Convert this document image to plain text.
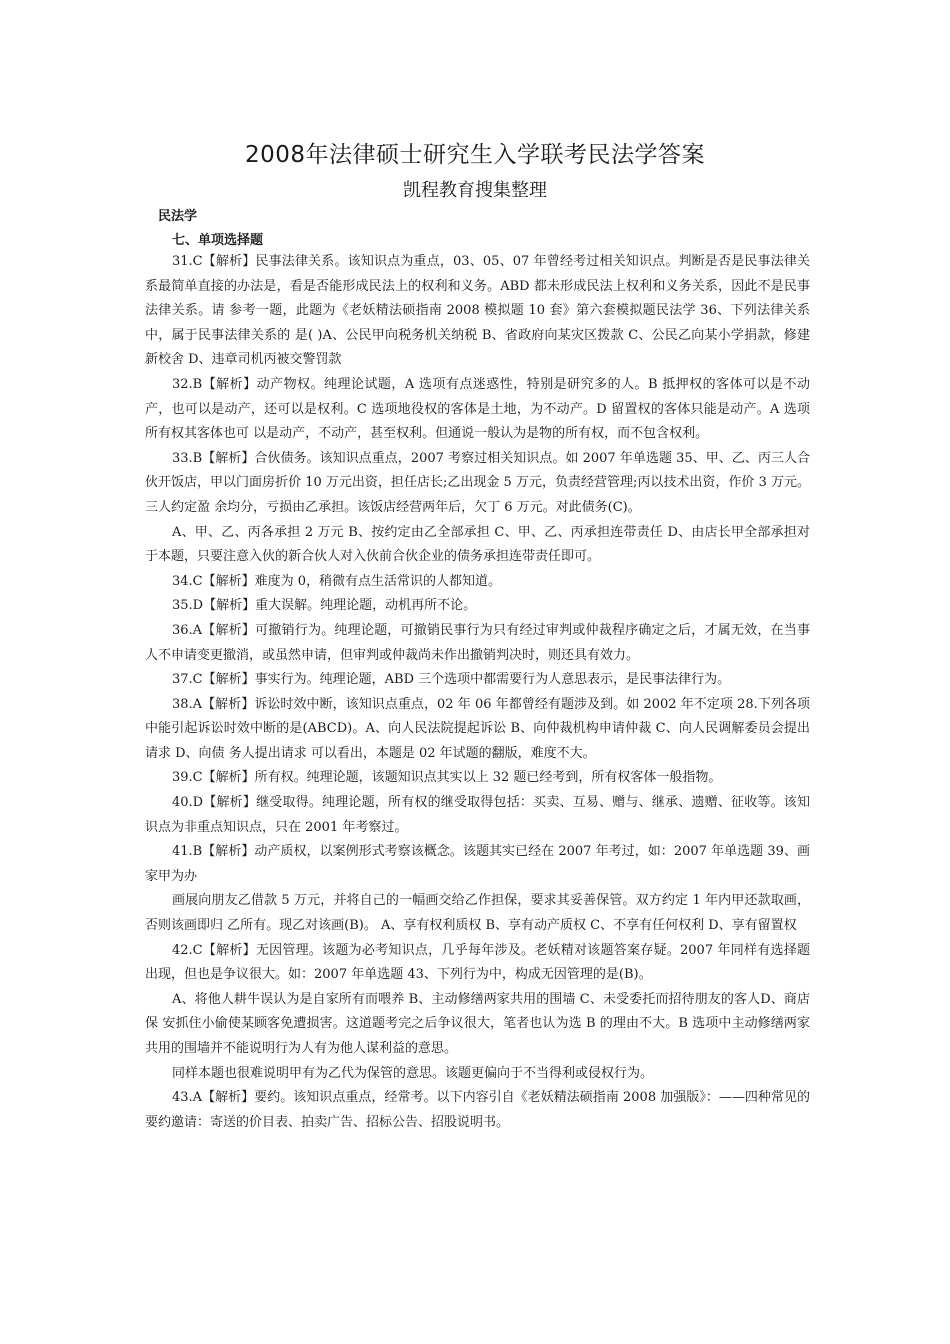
2008年法律硕士研究生入学联考民法学答案
凯程教育搜集整理
民法学
七、单项选择题

31.C【解析】民事法律关系。该知识点为重点，03、05、07 年曾经考过相关知识点。判断是否是民事法律关系最简单直接的办法是，看是否能形成民法上的权利和义务。ABD 都未形成民法上权利和义务关系，因此不是民事法律关系。请 参考一题，此题为《老妖精法硕指南 2008 模拟题 10 套》第六套模拟题民法学 36、下列法律关系中，属于民事法律关系的 是( )A、公民甲向税务机关纳税 B、省政府向某灾区拨款 C、公民乙向某小学捐款，修建新校舍 D、违章司机丙被交警罚款

32.B【解析】动产物权。纯理论试题，A 选项有点迷惑性，特别是研究多的人。B 抵押权的客体可以是不动产，也可以是动产，还可以是权利。C 选项地役权的客体是土地，为不动产。D 留置权的客体只能是动产。A 选项所有权其客体也可 以是动产，不动产，甚至权利。但通说一般认为是物的所有权，而不包含权利。

33.B【解析】合伙债务。该知识点重点，2007 考察过相关知识点。如 2007 年单选题 35、甲、乙、丙三人合伙开饭店，甲以门面房折价 10 万元出资，担任店长;乙出现金 5 万元，负责经营管理;丙以技术出资，作价 3 万元。三人约定盈 余均分，亏损由乙承担。该饭店经营两年后，欠丁 6 万元。对此债务(C)。

A、甲、乙、丙各承担 2 万元 B、按约定由乙全部承担 C、甲、乙、丙承担连带责任 D、由店长甲全部承担对于本题，只要注意入伙的新合伙人对入伙前合伙企业的债务承担连带责任即可。

34.C【解析】难度为 0，稍微有点生活常识的人都知道。

35.D【解析】重大误解。纯理论题，动机再所不论。

36.A【解析】可撤销行为。纯理论题，可撤销民事行为只有经过审判或仲裁程序确定之后，才属无效，在当事人不申请变更撤消，或虽然申请，但审判或仲裁尚未作出撤销判决时，则还具有效力。

37.C【解析】事实行为。纯理论题，ABD 三个选项中都需要行为人意思表示，是民事法律行为。

38.A【解析】诉讼时效中断，该知识点重点，02 年 06 年都曾经有题涉及到。如 2002 年不定项 28.下列各项中能引起诉讼时效中断的是(ABCD)。A、向人民法院提起诉讼 B、向仲裁机构申请仲裁 C、向人民调解委员会提出请求 D、向债 务人提出请求 可以看出，本题是 02 年试题的翻版，难度不大。

39.C【解析】所有权。纯理论题，该题知识点其实以上 32 题已经考到，所有权客体一般指物。

40.D【解析】继受取得。纯理论题，所有权的继受取得包括：买卖、互易、赠与、继承、遗赠、征收等。该知识点为非重点知识点，只在 2001 年考察过。

41.B【解析】动产质权，以案例形式考察该概念。该题其实已经在 2007 年考过，如：2007 年单选题 39、画家甲为办

画展向朋友乙借款 5 万元，并将自己的一幅画交给乙作担保，要求其妥善保管。双方约定 1 年内甲还款取画，否则该画即归 乙所有。现乙对该画(B)。 A、享有权利质权 B、享有动产质权 C、不享有任何权利 D、享有留置权

42.C【解析】无因管理。该题为必考知识点，几乎每年涉及。老妖精对该题答案存疑。2007 年同样有选择题出现，但也是争议很大。如：2007 年单选题 43、下列行为中，构成无因管理的是(B)。

A、将他人耕牛误认为是自家所有而喂养 B、主动修缮两家共用的围墙 C、未受委托而招待朋友的客人D、商店保 安抓住小偷使某顾客免遭损害。这道题考完之后争议很大，笔者也认为选 B 的理由不大。B 选项中主动修缮两家共用的围墙并不能说明行为人有为他人谋利益的意思。

同样本题也很难说明甲有为乙代为保管的意思。该题更偏向于不当得利或侵权行为。

43.A【解析】要约。该知识点重点，经常考。以下内容引自《老妖精法硕指南 2008 加强版》：——四种常见的要约邀请：寄送的价目表、拍卖广告、招标公告、招股说明书。
